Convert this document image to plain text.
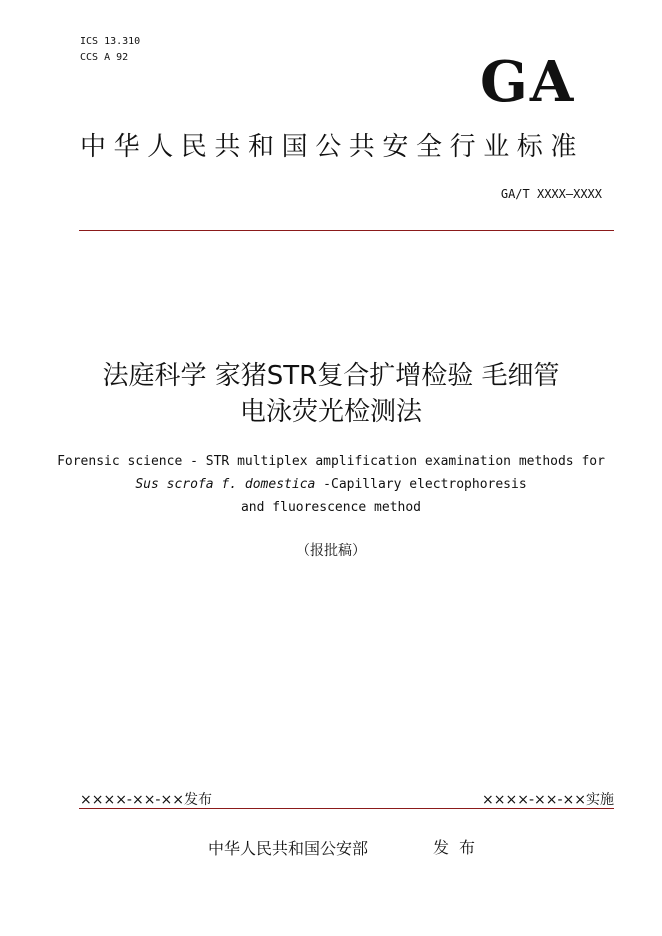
ICS 13.310
CCS A 92	GA
中华人民共和国公共安全行业标准
GA/T XXXX—XXXX
法庭科学 家猪STR复合扩增检验 毛细管
电泳荧光检测法
Forensic science - STR multiplex amplification examination methods for
Sus scrofa f. domestica -Capillary electrophoresis
and fluorescence method
（报批稿）
××××-××-××发布	××××-××-××实施
中华人民共和国公安部	发布
